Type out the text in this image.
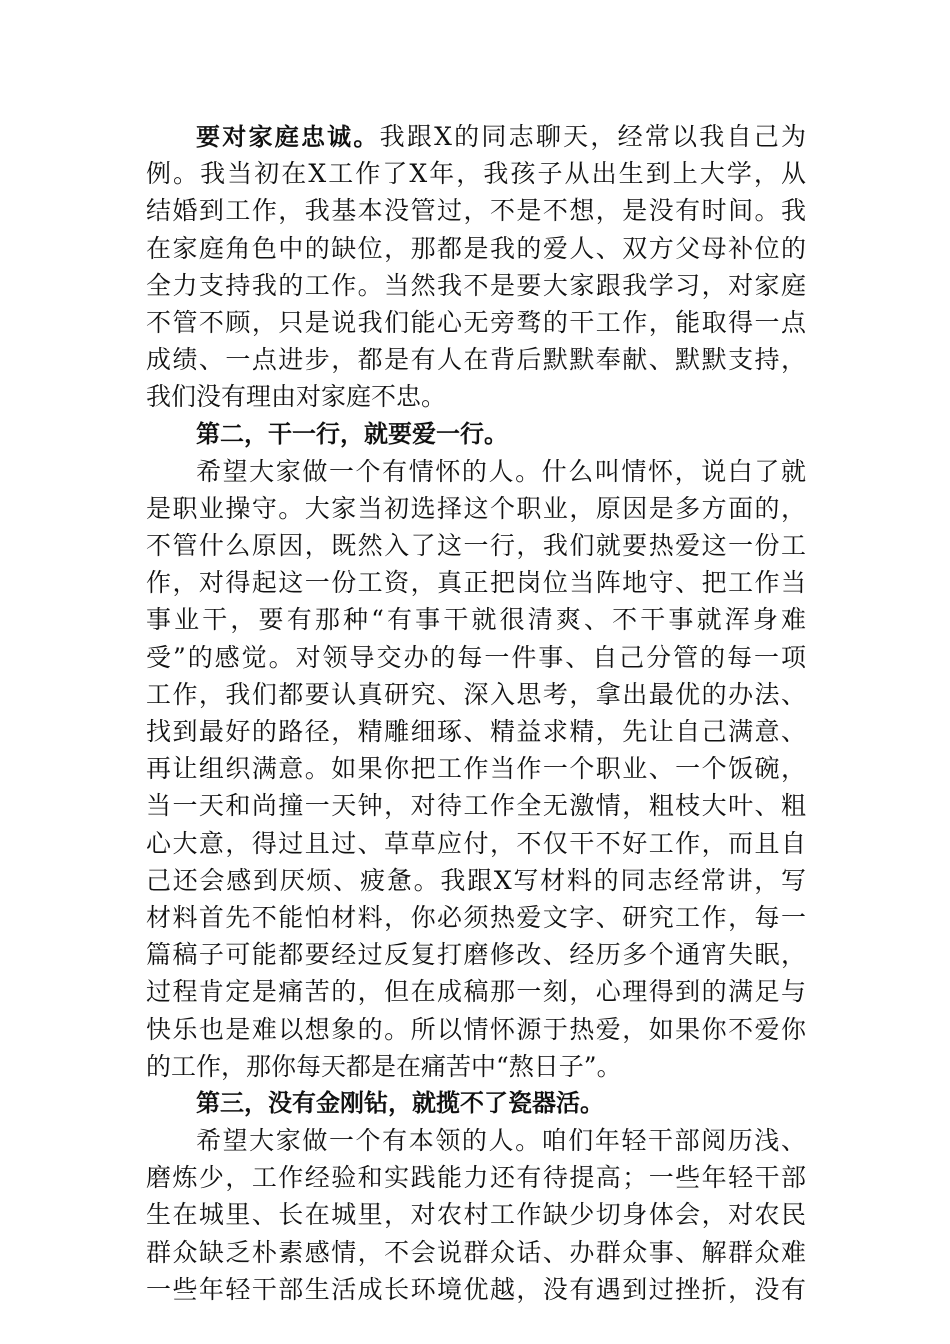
要对家庭忠诚。我跟X的同志聊天，经常以我自己为
例。我当初在X工作了X年，我孩子从出生到上大学，从
结婚到工作，我基本没管过，不是不想，是没有时间。我
在家庭角色中的缺位，那都是我的爱人、双方父母补位的
全力支持我的工作。当然我不是要大家跟我学习，对家庭
不管不顾，只是说我们能心无旁骛的干工作，能取得一点
成绩、一点进步，都是有人在背后默默奉献、默默支持，
我们没有理由对家庭不忠。
第二，干一行，就要爱一行。
希望大家做一个有情怀的人。什么叫情怀，说白了就
是职业操守。大家当初选择这个职业，原因是多方面的，
不管什么原因，既然入了这一行，我们就要热爱这一份工
作，对得起这一份工资，真正把岗位当阵地守、把工作当
事业干，要有那种“有事干就很清爽、不干事就浑身难
受”的感觉。对领导交办的每一件事、自己分管的每一项
工作，我们都要认真研究、深入思考，拿出最优的办法、
找到最好的路径，精雕细琢、精益求精，先让自己满意、
再让组织满意。如果你把工作当作一个职业、一个饭碗，
当一天和尚撞一天钟，对待工作全无激情，粗枝大叶、粗
心大意，得过且过、草草应付，不仅干不好工作，而且自
己还会感到厌烦、疲惫。我跟X写材料的同志经常讲，写
材料首先不能怕材料，你必须热爱文字、研究工作，每一
篇稿子可能都要经过反复打磨修改、经历多个通宵失眠，
过程肯定是痛苦的，但在成稿那一刻，心理得到的满足与
快乐也是难以想象的。所以情怀源于热爱，如果你不爱你
的工作，那你每天都是在痛苦中“熬日子”。
第三，没有金刚钻，就揽不了瓷器活。
希望大家做一个有本领的人。咱们年轻干部阅历浅、
磨炼少，工作经验和实践能力还有待提高；一些年轻干部
生在城里、长在城里，对农村工作缺少切身体会，对农民
群众缺乏朴素感情，不会说群众话、办群众事、解群众难
一些年轻干部生活成长环境优越，没有遇到过挫折，没有
